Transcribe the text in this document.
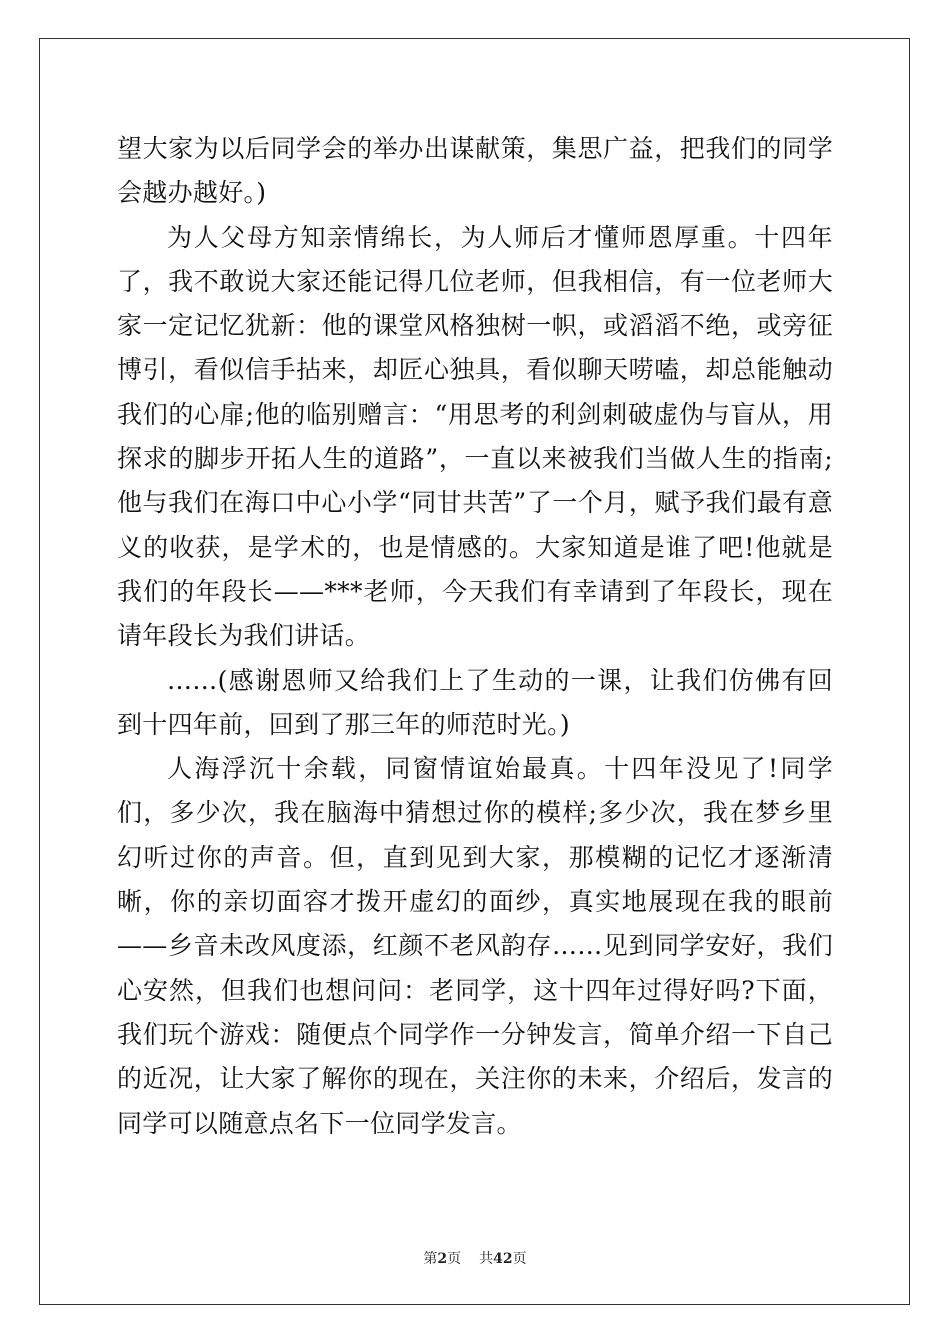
望大家为以后同学会的举办出谋献策，集思广益，把我们的同学会越办越好。)

为人父母方知亲情绵长，为人师后才懂师恩厚重。十四年了，我不敢说大家还能记得几位老师，但我相信，有一位老师大家一定记忆犹新：他的课堂风格独树一帜，或滔滔不绝，或旁征博引，看似信手拈来，却匠心独具，看似聊天唠嗑，却总能触动我们的心扉;他的临别赠言：“用思考的利剑刺破虚伪与盲从，用探求的脚步开拓人生的道路”，一直以来被我们当做人生的指南;他与我们在海口中心小学“同甘共苦”了一个月，赋予我们最有意义的收获，是学术的，也是情感的。大家知道是谁了吧!他就是我们的年段长——***老师，今天我们有幸请到了年段长，现在请年段长为我们讲话。

……(感谢恩师又给我们上了生动的一课，让我们仿佛有回到十四年前，回到了那三年的师范时光。)

人海浮沉十余载，同窗情谊始最真。十四年没见了!同学们，多少次，我在脑海中猜想过你的模样;多少次，我在梦乡里幻听过你的声音。但，直到见到大家，那模糊的记忆才逐渐清晰，你的亲切面容才拨开虚幻的面纱，真实地展现在我的眼前——乡音未改风度添，红颜不老风韵存……见到同学安好，我们心安然，但我们也想问问：老同学，这十四年过得好吗?下面，我们玩个游戏：随便点个同学作一分钟发言，简单介绍一下自己的近况，让大家了解你的现在，关注你的未来，介绍后，发言的同学可以随意点名下一位同学发言。

第2页 共42页
